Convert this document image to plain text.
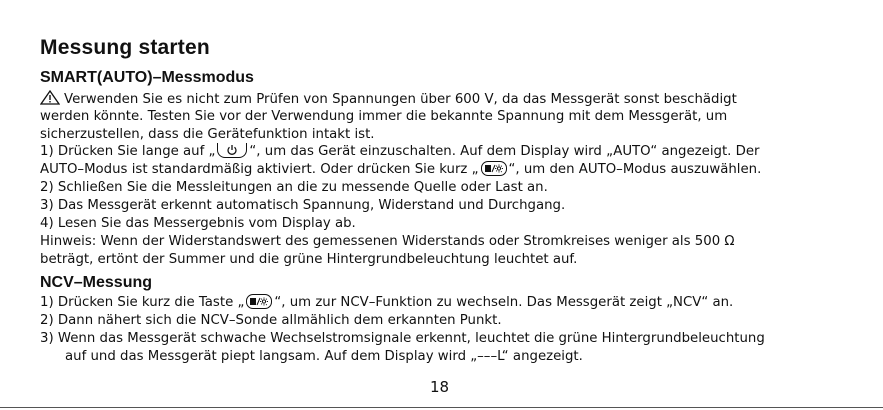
Messung starten
SMART(AUTO)–Messmodus
Verwenden Sie es nicht zum Prüfen von Spannungen über 600 V, da das Messgerät sonst beschädigt
werden könnte. Testen Sie vor der Verwendung immer die bekannte Spannung mit dem Messgerät, um
sicherzustellen, dass die Gerätefunktion intakt ist.
1) Drücken Sie lange auf „	“, um das Gerät einzuschalten. Auf dem Display wird „AUTO“ angezeigt. Der
AUTO–Modus ist standardmäßig aktiviert. Oder drücken Sie kurz „ “, um den AUTO–Modus auszuwählen.
2) Schließen Sie die Messleitungen an die zu messende Quelle oder Last an.
3) Das Messgerät erkennt automatisch Spannung, Widerstand und Durchgang.
4) Lesen Sie das Messergebnis vom Display ab.
Hinweis: Wenn der Widerstandswert des gemessenen Widerstands oder Stromkreises weniger als 500 Ω
beträgt, ertönt der Summer und die grüne Hintergrundbeleuchtung leuchtet auf.
NCV–Messung
1) Drücken Sie kurz die Taste „ “, um zur NCV–Funktion zu wechseln. Das Messgerät zeigt „NCV“ an.
2) Dann nähert sich die NCV–Sonde allmählich dem erkannten Punkt.
3) Wenn das Messgerät schwache Wechselstromsignale erkennt, leuchtet die grüne Hintergrundbeleuchtung
auf und das Messgerät piept langsam. Auf dem Display wird „–––L“ angezeigt.
18
